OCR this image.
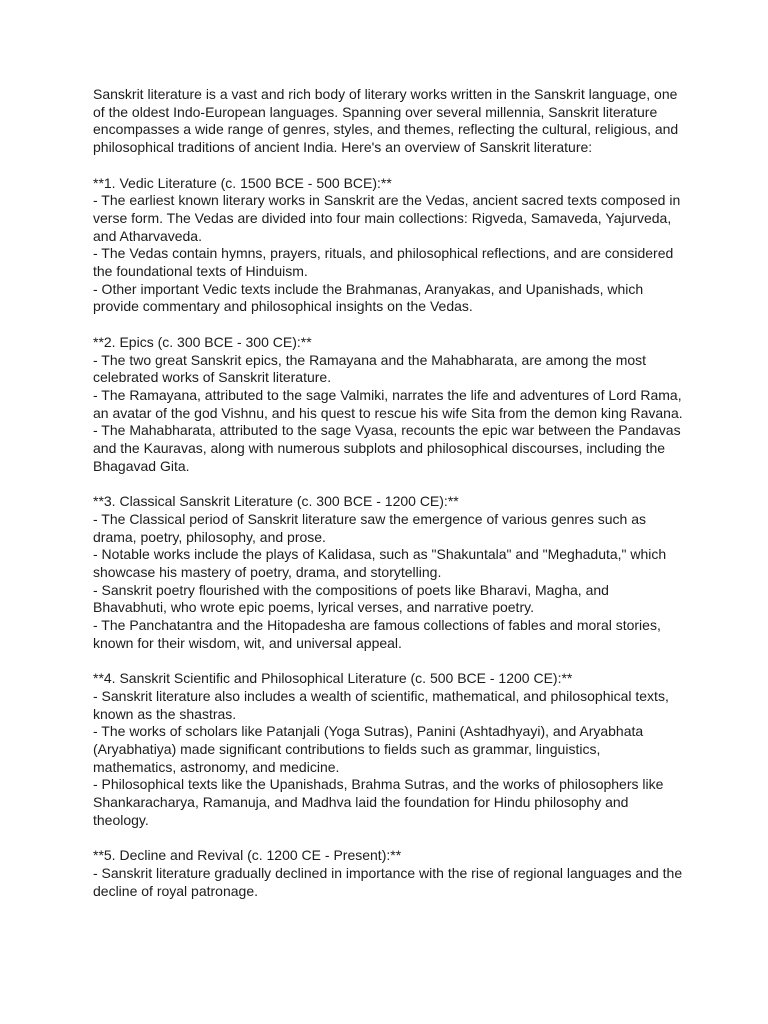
Sanskrit literature is a vast and rich body of literary works written in the Sanskrit language, one of the oldest Indo-European languages. Spanning over several millennia, Sanskrit literature encompasses a wide range of genres, styles, and themes, reflecting the cultural, religious, and philosophical traditions of ancient India. Here's an overview of Sanskrit literature:

**1. Vedic Literature (c. 1500 BCE - 500 BCE):**

- The earliest known literary works in Sanskrit are the Vedas, ancient sacred texts composed in verse form. The Vedas are divided into four main collections: Rigveda, Samaveda, Yajurveda, and Atharvaveda.

- The Vedas contain hymns, prayers, rituals, and philosophical reflections, and are considered the foundational texts of Hinduism.

- Other important Vedic texts include the Brahmanas, Aranyakas, and Upanishads, which provide commentary and philosophical insights on the Vedas.

**2. Epics (c. 300 BCE - 300 CE):**

- The two great Sanskrit epics, the Ramayana and the Mahabharata, are among the most celebrated works of Sanskrit literature.

- The Ramayana, attributed to the sage Valmiki, narrates the life and adventures of Lord Rama, an avatar of the god Vishnu, and his quest to rescue his wife Sita from the demon king Ravana.

- The Mahabharata, attributed to the sage Vyasa, recounts the epic war between the Pandavas and the Kauravas, along with numerous subplots and philosophical discourses, including the Bhagavad Gita.

**3. Classical Sanskrit Literature (c. 300 BCE - 1200 CE):**

- The Classical period of Sanskrit literature saw the emergence of various genres such as drama, poetry, philosophy, and prose.

- Notable works include the plays of Kalidasa, such as "Shakuntala" and "Meghaduta," which showcase his mastery of poetry, drama, and storytelling.

- Sanskrit poetry flourished with the compositions of poets like Bharavi, Magha, and Bhavabhuti, who wrote epic poems, lyrical verses, and narrative poetry.

- The Panchatantra and the Hitopadesha are famous collections of fables and moral stories, known for their wisdom, wit, and universal appeal.

**4. Sanskrit Scientific and Philosophical Literature (c. 500 BCE - 1200 CE):**

- Sanskrit literature also includes a wealth of scientific, mathematical, and philosophical texts, known as the shastras.

- The works of scholars like Patanjali (Yoga Sutras), Panini (Ashtadhyayi), and Aryabhata (Aryabhatiya) made significant contributions to fields such as grammar, linguistics, mathematics, astronomy, and medicine.

- Philosophical texts like the Upanishads, Brahma Sutras, and the works of philosophers like Shankaracharya, Ramanuja, and Madhva laid the foundation for Hindu philosophy and theology.

**5. Decline and Revival (c. 1200 CE - Present):**

- Sanskrit literature gradually declined in importance with the rise of regional languages and the decline of royal patronage.
